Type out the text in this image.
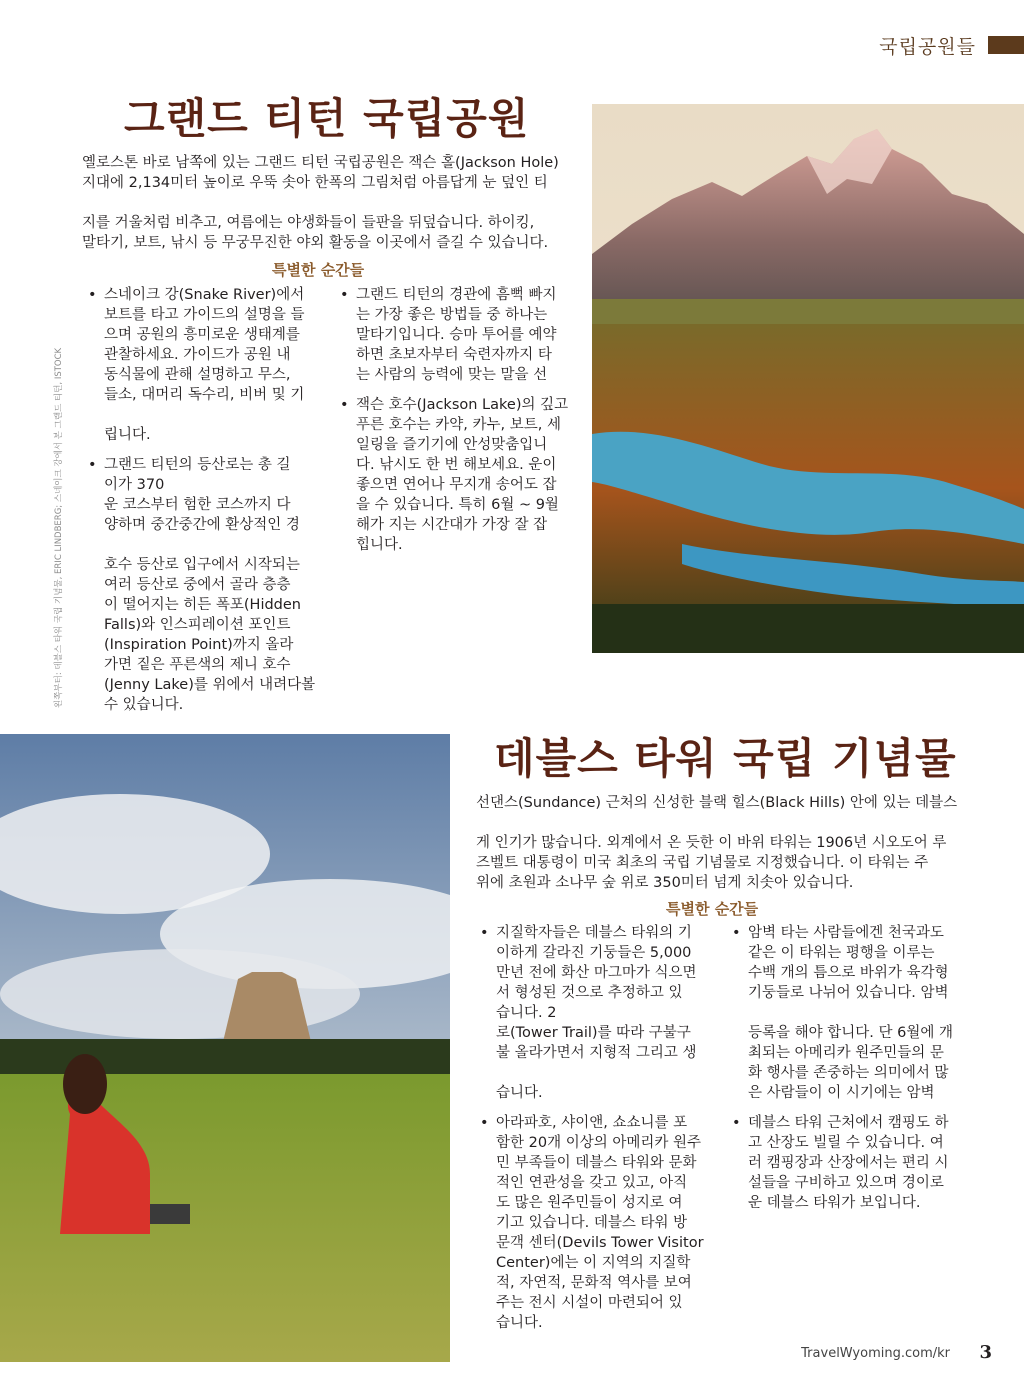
국립공원들
왼쪽부터: 데블스 타워 국립 기념물, ERIC LINDBERG; 스네이크 강에서 본 그랜드 티턴, ISTOCK
그랜드 티턴 국립공원
옐로스톤 바로 남쪽에 있는 그랜드 티턴 국립공원은 잭슨 홀(Jackson Hole)
지대에 2,134미터 높이로 우뚝 솟아 한폭의 그림처럼 아름답게 눈 덮인 티
지를 거울처럼 비추고, 여름에는 야생화들이 들판을 뒤덮습니다. 하이킹,
말타기, 보트, 낚시 등 무궁무진한 야외 활동을 이곳에서 즐길 수 있습니다.
특별한 순간들
• 스네이크 강(Snake River)에서
보트를 타고 가이드의 설명을 들
으며 공원의 흥미로운 생태계를
관찰하세요. 가이드가 공원 내
동식물에 관해 설명하고 무스,
들소, 대머리 독수리, 비버 및 기
립니다.
• 그랜드 티턴의 등산로는 총 길
이가 370
운 코스부터 험한 코스까지 다
양하며 중간중간에 환상적인 경
호수 등산로 입구에서 시작되는
여러 등산로 중에서 골라 층층
이 떨어지는 히든 폭포(Hidden
Falls)와 인스피레이션 포인트
(Inspiration Point)까지 올라
가면 짙은 푸른색의 제니 호수
(Jenny Lake)를 위에서 내려다볼
수 있습니다.
• 그랜드 티턴의 경관에 흠뻑 빠지
는 가장 좋은 방법들 중 하나는
말타기입니다. 승마 투어를 예약
하면 초보자부터 숙련자까지 타
는 사람의 능력에 맞는 말을 선
• 잭슨 호수(Jackson Lake)의 깊고
푸른 호수는 카약, 카누, 보트, 세
일링을 즐기기에 안성맞춤입니
다. 낚시도 한 번 해보세요. 운이
좋으면 연어나 무지개 송어도 잡
을 수 있습니다. 특히 6월 ~ 9월
해가 지는 시간대가 가장 잘 잡
힙니다.
데블스 타워 국립 기념물
선댄스(Sundance) 근처의 신성한 블랙 힐스(Black Hills) 안에 있는 데블스
게 인기가 많습니다. 외계에서 온 듯한 이 바위 타워는 1906년 시오도어 루
즈벨트 대통령이 미국 최초의 국립 기념물로 지정했습니다. 이 타워는 주
위에 초원과 소나무 숲 위로 350미터 넘게 치솟아 있습니다.
특별한 순간들
• 지질학자들은 데블스 타워의 기
이하게 갈라진 기둥들은 5,000
만년 전에 화산 마그마가 식으면
서 형성된 것으로 추정하고 있
습니다. 2
로(Tower Trail)를 따라 구불구
불 올라가면서 지형적 그리고 생
습니다.
• 아라파호, 샤이앤, 쇼쇼니를 포
함한 20개 이상의 아메리카 원주
민 부족들이 데블스 타워와 문화
적인 연관성을 갖고 있고, 아직
도 많은 원주민들이 성지로 여
기고 있습니다. 데블스 타워 방
문객 센터(Devils Tower Visitor
Center)에는 이 지역의 지질학
적, 자연적, 문화적 역사를 보여
주는 전시 시설이 마련되어 있
습니다.
• 암벽 타는 사람들에겐 천국과도
같은 이 타워는 평행을 이루는
수백 개의 틈으로 바위가 육각형
기둥들로 나뉘어 있습니다. 암벽
등록을 해야 합니다. 단 6월에 개
최되는 아메리카 원주민들의 문
화 행사를 존중하는 의미에서 많
은 사람들이 이 시기에는 암벽
• 데블스 타워 근처에서 캠핑도 하
고 산장도 빌릴 수 있습니다. 여
러 캠핑장과 산장에서는 편리 시
설들을 구비하고 있으며 경이로
운 데블스 타워가 보입니다.
TravelWyoming.com/kr 3
